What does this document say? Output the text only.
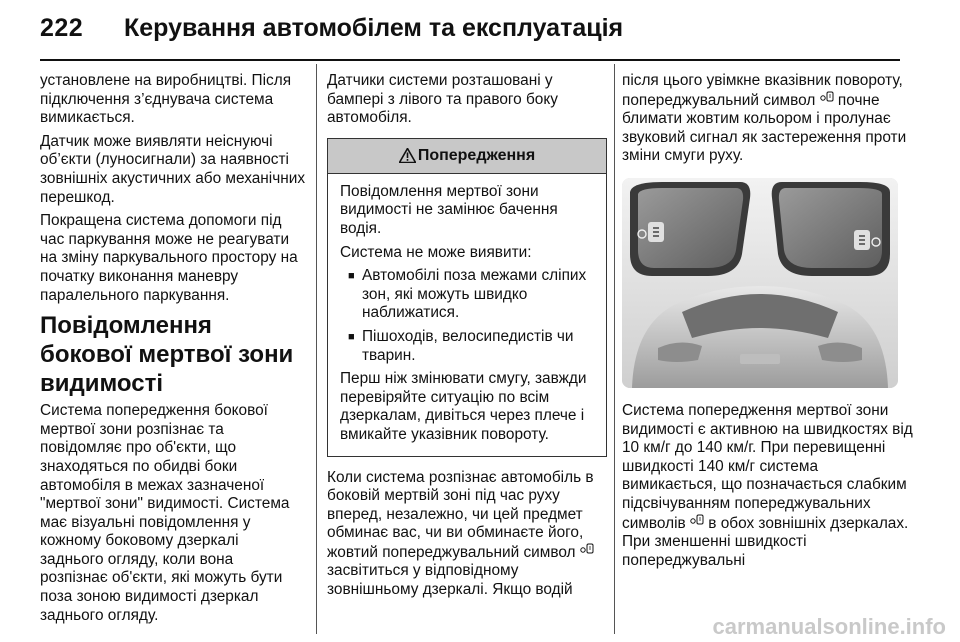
222 Керування автомобілем та експлуатація

установлене на виробництві. Після підключення з’єднувача система вимикається.

Датчик може виявляти неіснуючі об’єкти (луносигнали) за наявності зовнішніх акустичних або механічних перешкод.

Покращена система допомоги під час паркування може не реагувати на зміну паркувального простору на початку виконання маневру паралельного паркування.

Повідомлення бокової мертвої зони видимості

Система попередження бокової мертвої зони розпізнає та повідомляє про об'єкти, що знаходяться по обидві боки автомобіля в межах зазначеної "мертвої зони" видимості. Система має візуальні повідомлення у кожному боковому дзеркалі заднього огляду, коли вона розпізнає об'єкти, які можуть бути поза зоною видимості дзеркал заднього огляду.

Датчики системи розташовані у бампері з лівого та правого боку автомобіля.

Попередження

Повідомлення мертвої зони видимості не замінює бачення водія.

Система не може виявити:

■ Автомобілі поза межами сліпих зон, які можуть швидко наближатися.
■ Пішоходів, велосипедистів чи тварин.

Перш ніж змінювати смугу, завжди перевіряйте ситуацію по всім дзеркалам, дивіться через плече і вмикайте указівник повороту.

Коли система розпізнає автомобіль в боковій мертвій зоні під час руху вперед, незалежно, чи цей предмет обминає вас, чи ви обминаєте його, жовтий попереджувальний символ  засвітиться у відповідному зовнішньому дзеркалі. Якщо водій

після цього увімкне вказівник повороту, попереджувальний символ почне блимати жовтим кольором і пролунає звуковий сигнал як застереження проти зміни смуги руху.

Система попередження мертвої зони видимості є активною на швидкостях від 10 км/г до 140 км/г. При перевищенні швидкості 140 км/г система вимикається, що позначається слабким підсвічуванням попереджувальних символів в обох зовнішніх дзеркалах. При зменшенні швидкості попереджувальні

carmanualsonline.info
